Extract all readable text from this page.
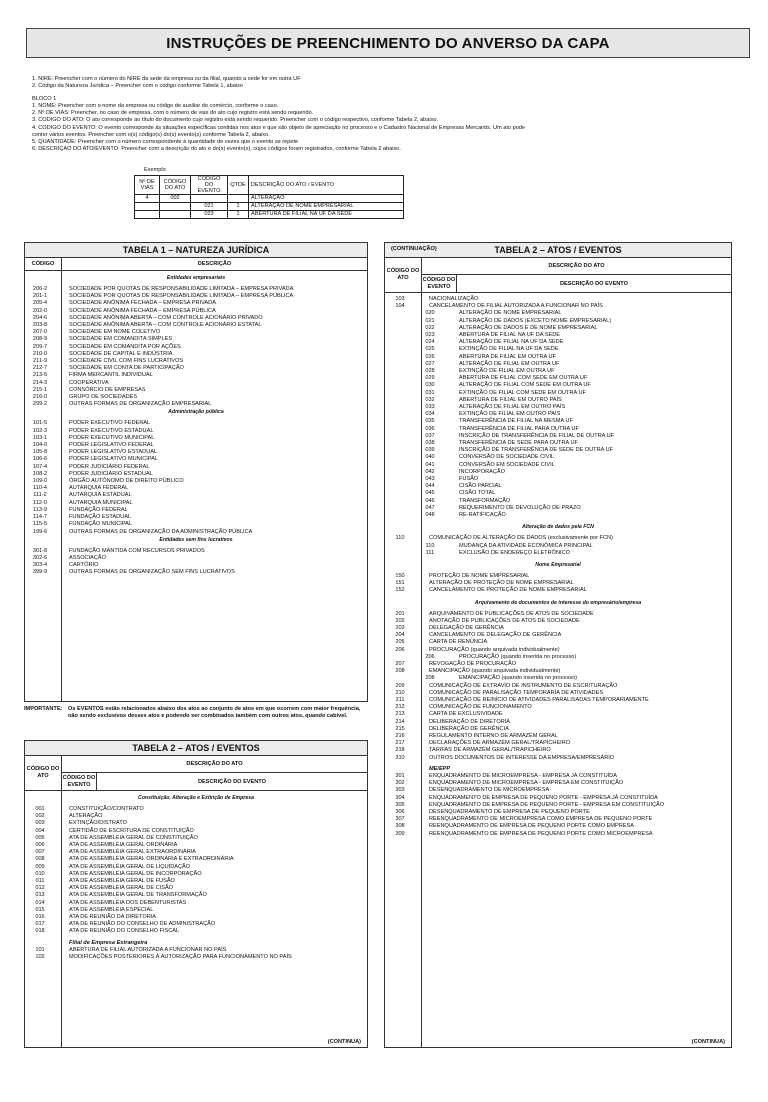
INSTRUÇÕES DE PREENCHIMENTO DO ANVERSO DA CAPA

1. NIRE: Preencher com o número do NIRE da sede da empresa ou da filial, quando a sede for em outra UF

2. Código da Natureza Jurídica – Preencher com o código conforme Tabela 1, abaixo

BLOCO 1

1. NOME: Preencher com o nome da empresa ou código de auxiliar do comércio, conforme o caso.

2. Nº DE VIAS: Preencher, no caso de empresa, com o número de vias do ato cujo registro está sendo requerido.

3. CÓDIGO DO ATO: O ato corresponde ao título do documento cujo registro está sendo requerido. Preencher com o código respectivo, conforme Tabela 2, abaixo.

4. CÓDIGO DO EVENTO: O evento corresponde às situações específicas contidas nos atos e que são objeto de apreciação no processo e o Cadastro Nacional de Empresas Mercantis. Um ato pode

conter vários eventos. Preencher com o(s) código(s) do(s) evento(s) conforme Tabela 2, abaixo.

5. QUANTIDADE: Preencher com o número correspondente à quantidade de vezes que o evento se repete

6. DESCRIÇÃO DO ATO/EVENTO: Preencher com a descrição do ato e do(s) evento(s), cujos códigos foram registrados, conforme Tabela 2 abaixo.

Exemplo
Nº DE VIAS	CÓDIGO DO ATO	CÓDIGO DO EVENTO	QTDE	DESCRIÇÃO DO ATO / EVENTO
4	002			ALTERAÇÃO
		021	1	ALTERAÇÃO DE NOME EMPRESARIAL
		023	1	ABERTURA DE FILIAL NA UF DA SEDE
TABELA 1 – NATUREZA JURÍDICA
CÓDIGO	DESCRIÇÃO
Entidades empresariais
206-2	SOCIEDADE POR QUOTAS DE RESPONSABILIDADE LIMITADA – EMPRESA PRIVADA
201-1	SOCIEDADE POR QUOTAS DE RESPONSABILIDADE LIMITADA – EMPRESA PÚBLICA
205-4	SOCIEDADE ANÔNIMA FECHADA – EMPRESA PRIVADA
202-0	SOCIEDADE ANÔNIMA FECHADA – EMPRESA PÚBLICA
204-6	SOCIEDADE ANÔNIMA ABERTA – COM CONTROLE ACIONÁRIO PRIVADO
203-8	SOCIEDADE ANÔNIMA ABERTA – COM CONTROLE ACIONÁRIO ESTATAL
207-0	SOCIEDADE EM NOME COLETIVO
208-9	SOCIEDADE EM COMANDITA SIMPLES
209-7	SOCIEDADE EM COMANDITA POR AÇÕES
210-0	SOCIEDADE DE CAPITAL E INDÚSTRIA
211-9	SOCIEDADE CIVIL COM FINS LUCRATIVOS
212-7	SOCIEDADE EM CONTA DE PARTICIPAÇÃO
213-5	FIRMA MERCANTIL INDIVIDUAL
214-3	COOPERATIVA
215-1	CONSÓRCIO DE EMPRESAS
216-0	GRUPO DE SOCIEDADES
299-2	OUTRAS FORMAS DE ORGANIZAÇÃO EMPRESARIAL
Administração pública
101-5	PODER EXECUTIVO FEDERAL
102-3	PODER EXECUTIVO ESTADUAL
103-1	PODER EXECUTIVO MUNICIPAL
104-0	PODER LEGISLATIVO FEDERAL
105-8	PODER LEGISLATIVO ESTADUAL
106-6	PODER LEGISLATIVO MUNICIPAL
107-4	PODER JUDICIÁRIO FEDERAL
108-2	PODER JUDICIÁRIO ESTADUAL
109-0	ÓRGÃO AUTÔNOMO DE DIREITO PÚBLICO
110-4	AUTARQUIA FEDERAL
111-2	AUTARQUIA ESTADUAL
112-0	AUTARQUIA MUNICIPAL
113-9	FUNDAÇÃO FEDERAL
114-7	FUNDAÇÃO ESTADUAL
115-5	FUNDAÇÃO MUNICIPAL
199-6	OUTRAS FORMAS DE ORGANIZAÇÃO DA ADMINISTRAÇÃO PÚBLICA
Entidades sem fins lucrativos
301-8	FUNDAÇÃO MANTIDA COM RECURSOS PRIVADOS
302-6	ASSOCIAÇÃO
303-4	CARTÓRIO
399-9	OUTRAS FORMAS DE ORGANIZAÇÃO SEM FINS LUCRATIVOS
IMPORTANTE: Os EVENTOS estão relacionados abaixo dos atos ao conjunto de atos em que ocorrem com maior frequência, não sendo exclusivos desses atos e podendo ser combinados também com outros atos, quando cabível.
TABELA 2 – ATOS / EVENTOS
CÓDIGO DO ATO
DESCRIÇÃO DO ATO
CÓDIGO DO EVENTO	DESCRIÇÃO DO EVENTO
Constituição, Alteração e Extinção de Empresa
001	CONSTITUIÇÃO/CONTRATO
002	ALTERAÇÃO
003	EXTINÇÃO/DISTRATO
004	CERTIDÃO DE ESCRITURA DE CONSTITUIÇÃO
005	ATA DE ASSEMBLÉIA GERAL DE CONSTITUIÇÃO
006	ATA DE ASSEMBLÉIA GERAL ORDINÁRIA
007	ATA DE ASSEMBLÉIA GERAL EXTRAORDINÁRIA
008	ATA DE ASSEMBLÉIA GERAL ORDINÁRIA E EXTRAORDINÁRIA
009	ATA DE ASSEMBLÉIA GERAL DE LIQUIDAÇÃO
010	ATA DE ASSEMBLÉIA GERAL DE INCORPORAÇÃO
011	ATA DE ASSEMBLÉIA GERAL DE FUSÃO
012	ATA DE ASSEMBLÉIA GERAL DE CISÃO
013	ATA DE ASSEMBLÉIA GERAL DE TRANSFORMAÇÃO
014	ATA DE ASSEMBLÉIA DOS DEBENTURISTAS
015	ATA DE ASSEMBLÉIA ESPECIAL
016	ATA DE REUNIÃO DA DIRETORIA
017	ATA DE REUNIÃO DO CONSELHO DE ADMINISTRAÇÃO
018	ATA DE REUNIÃO DO CONSELHO FISCAL
Filial de Empresa Estrangeira
101	ABERTURA DE FILIAL AUTORIZADA A FUNCIONAR NO PAÍS
102	MODIFICAÇÕES POSTERIORES À AUTORIZAÇÃO PARA FUNCIONAMENTO NO PAÍS
(CONTINUA)
TABELA 2 – ATOS / EVENTOS
(CONTINUAÇÃO)
CÓDIGO DO ATO
DESCRIÇÃO DO ATO
CÓDIGO DO EVENTO	DESCRIÇÃO DO EVENTO
103	NACIONALIZAÇÃO
104	CANCELAMENTO DE FILIAL AUTORIZADA A FUNCIONAR NO PAÍS
020	ALTERAÇÃO DE NOME EMPRESARIAL
021	ALTERAÇÃO DE DADOS (EXCETO NOME EMPRESARIAL)
022	ALTERAÇÃO DE DADOS E DE NOME EMPRESARIAL
023	ABERTURA DE FILIAL NA UF DA SEDE
024	ALTERAÇÃO DE FILIAL NA UF DA SEDE
025	EXTINÇÃO DE FILIAL NA UF DA SEDE
026	ABERTURA DE FILIAL EM OUTRA UF
027	ALTERAÇÃO DE FILIAL EM OUTRA UF
028	EXTINÇÃO DE FILIAL EM OUTRA UF
029	ABERTURA DE FILIAL COM SEDE EM OUTRA UF
030	ALTERAÇÃO DE FILIAL COM SEDE EM OUTRA UF
031	EXTINÇÃO DE FILIAL COM SEDE EM OUTRA UF
032	ABERTURA DE FILIAL EM OUTRO PAÍS
033	ALTERAÇÃO DE FILIAL EM OUTRO PAÍS
034	EXTINÇÃO DE FILIAL EM OUTRO PAÍS
035	TRANSFERÊNCIA DE FILIAL NA MESMA UF
036	TRANSFERÊNCIA DE FILIAL PARA OUTRA UF
037	INSCRIÇÃO DE TRANSFERÊNCIA DE FILIAL DE OUTRA UF
038	TRANSFERÊNCIA DE SEDE PARA OUTRA UF
039	INSCRIÇÃO DE TRANSFERÊNCIA DE SEDE DE OUTRA UF
040	CONVERSÃO DE SOCIEDADE CIVIL
041	CONVERSÃO EM SOCIEDADE CIVIL
042	INCORPORAÇÃO
043	FUSÃO
044	CISÃO PARCIAL
045	CISÃO TOTAL
046	TRANSFORMAÇÃO
047	REQUERIMENTO DE DEVOLUÇÃO DE PRAZO
048	RE-RATIFICAÇÃO
Alteração de dados pela FCN
110	COMUNICAÇÃO DE ALTERAÇÃO DE DADOS (exclusivamente por FCN)
110	MUDANÇA DA ATIVIDADE ECONÔMICA PRINCIPAL
111	EXCLUSÃO DE ENDEREÇO ELETRÔNICO
Nome Empresarial
150	PROTEÇÃO DE NOME EMPRESARIAL
151	ALTERAÇÃO DE PROTEÇÃO DE NOME EMPRESARIAL
152	CANCELAMENTO DE PROTEÇÃO DE NOME EMPRESARIAL
Arquivamento de documentos de interesse do empresário/empresa
201	ARQUIVAMENTO DE PUBLICAÇÕES DE ATOS DE SOCIEDADE
202	ANOTAÇÃO DE PUBLICAÇÕES DE ATOS DE SOCIEDADE
203	DELEGAÇÃO DE GERÊNCIA
204	CANCELAMENTO DE DELEGAÇÃO DE GERÊNCIA
205	CARTA DE RENÚNCIA
206	PROCURAÇÃO (quando arquivada individualmente)
206	PROCURAÇÃO (quando inserida no processo)
207	REVOGAÇÃO DE PROCURAÇÃO
208	EMANCIPAÇÃO (quando arquivada individualmente)
208	EMANCIPAÇÃO (quando inserida no processo)
209	COMUNICAÇÃO DE EXTRAVIO DE INSTRUMENTO DE ESCRITURAÇÃO
210	COMUNICAÇÃO DE PARALISAÇÃO TEMPORÁRIA DE ATIVIDADES
211	COMUNICAÇÃO DE REINÍCIO DE ATIVIDADES PARALISADAS TEMPORARIAMENTE
212	COMUNICAÇÃO DE FUNCIONAMENTO
213	CARTA DE EXCLUSIVIDADE
214	DELIBERAÇÃO DE DIRETORIA
215	DELIBERAÇÃO DE GERÊNCIA
216	REGULAMENTO INTERNO DE ARMAZÉM GERAL
217	DECLARAÇÕES DE ARMAZÉM GERAL/TRAPICHEIRO
218	TARIFAS DE ARMAZÉM GERAL/TRAPICHEIRO
310	OUTROS DOCUMENTOS DE INTERESSE DA EMPRESA/EMPRESÁRIO
ME/EPP
301	ENQUADRAMENTO DE MICROEMPRESA - EMPRESA JÁ CONSTITUÍDA
302	ENQUADRAMENTO DE MICROEMPRESA - EMPRESA EM CONSTITUIÇÃO
303	DESENQUADRAMENTO DE MICROEMPRESA
304	ENQUADRAMENTO DE EMPRESA DE PEQUENO PORTE - EMPRESA JÁ CONSTITUÍDA
305	ENQUADRAMENTO DE EMPRESA DE PEQUENO PORTE - EMPRESA EM CONSTITUIÇÃO
306	DESENQUADRAMENTO DE EMPRESA DE PEQUENO PORTE
307	REENQUADRAMENTO DE MICROEMPRESA COMO EMPRESA DE PEQUENO PORTE
308	REENQUADRAMENTO DE EMPRESA DE PEQUENO PORTE COMO EMPRESA
309	REENQUADRAMENTO DE EMPRESA DE PEQUENO PORTE COMO MICROEMPRESA
(CONTINUA)
